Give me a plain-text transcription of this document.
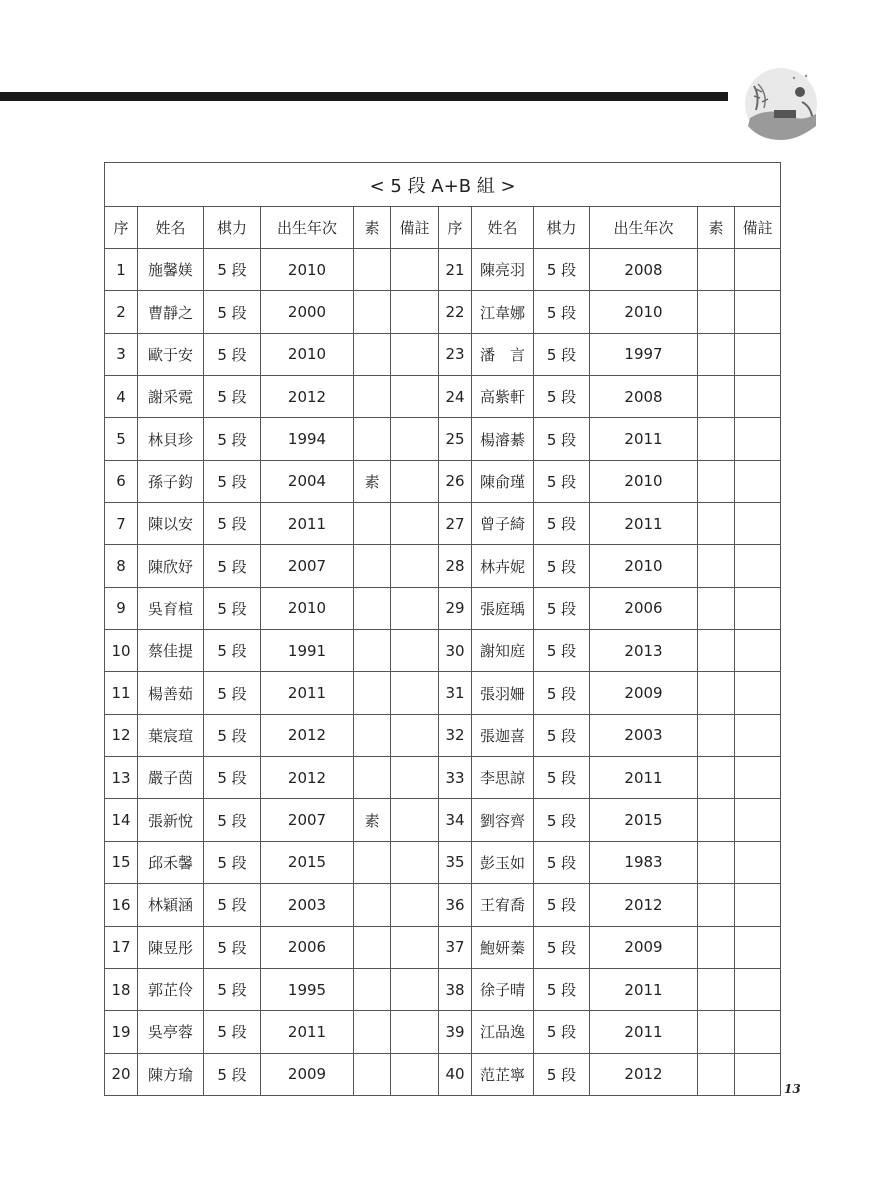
< 5 段 A+B 組 >											
序	姓名	棋力	出生年次	素	備註	序	姓名	棋力	出生年次	素	備註
1	施馨媄	5 段	2010			21	陳亮羽	5 段	2008		
2	曹靜之	5 段	2000			22	江韋娜	5 段	2010		
3	歐于安	5 段	2010			23	潘　言	5 段	1997		
4	謝采霓	5 段	2012			24	高紫軒	5 段	2008		
5	林貝珍	5 段	1994			25	楊濬綦	5 段	2011		
6	孫子鈞	5 段	2004	素		26	陳俞瑾	5 段	2010		
7	陳以安	5 段	2011			27	曾子綺	5 段	2011		
8	陳欣妤	5 段	2007			28	林卉妮	5 段	2010		
9	吳育楦	5 段	2010			29	張庭瑀	5 段	2006		
10	蔡佳提	5 段	1991			30	謝知庭	5 段	2013		
11	楊善茹	5 段	2011			31	張羽姍	5 段	2009		
12	葉宸瑄	5 段	2012			32	張迦喜	5 段	2003		
13	嚴子茵	5 段	2012			33	李思諒	5 段	2011		
14	張新悅	5 段	2007	素		34	劉容齊	5 段	2015		
15	邱禾馨	5 段	2015			35	彭玉如	5 段	1983		
16	林穎涵	5 段	2003			36	王宥喬	5 段	2012		
17	陳昱彤	5 段	2006			37	鮑妍蓁	5 段	2009		
18	郭芷伶	5 段	1995			38	徐子晴	5 段	2011		
19	吳亭蓉	5 段	2011			39	江品逸	5 段	2011		
20	陳方瑜	5 段	2009			40	范芷寧	5 段	2012		
13
